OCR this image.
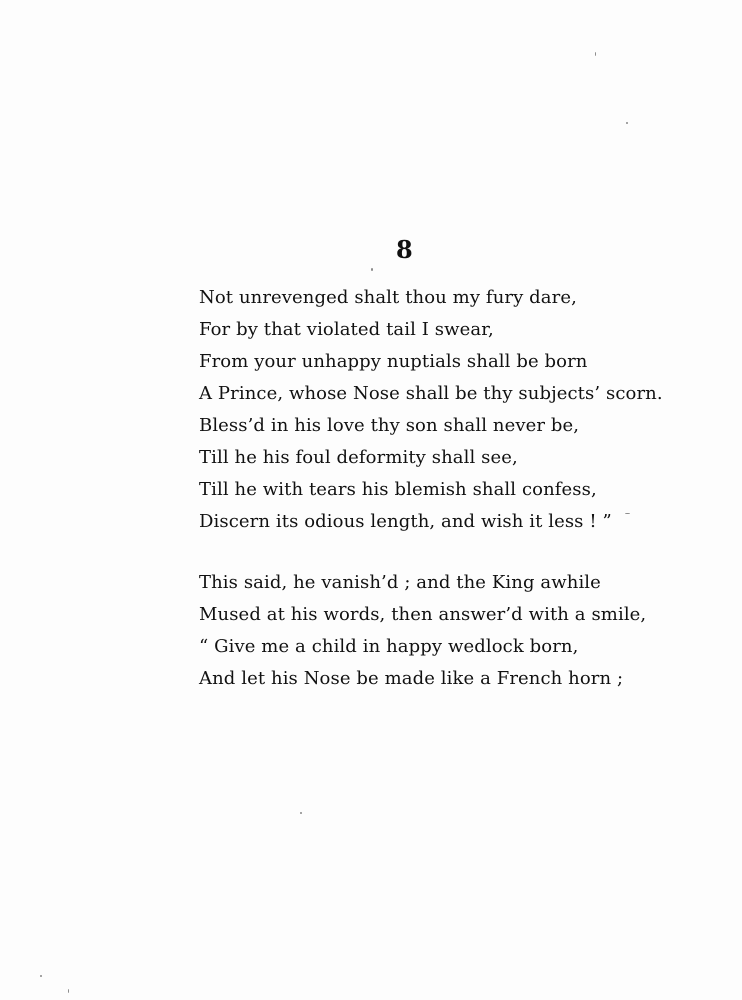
8
Not unrevenged shalt thou my fury dare,
For by that violated tail I swear,
From your unhappy nuptials shall be born
A Prince, whose Nose shall be thy subjects’ scorn.
Bless’d in his love thy son shall never be,
Till he his foul deformity shall see,
Till he with tears his blemish shall confess,
Discern its odious length, and wish it less ! ”
This said, he vanish’d ; and the King awhile
Mused at his words, then answer’d with a smile,
“ Give me a child in happy wedlock born,
And let his Nose be made like a French horn ;
